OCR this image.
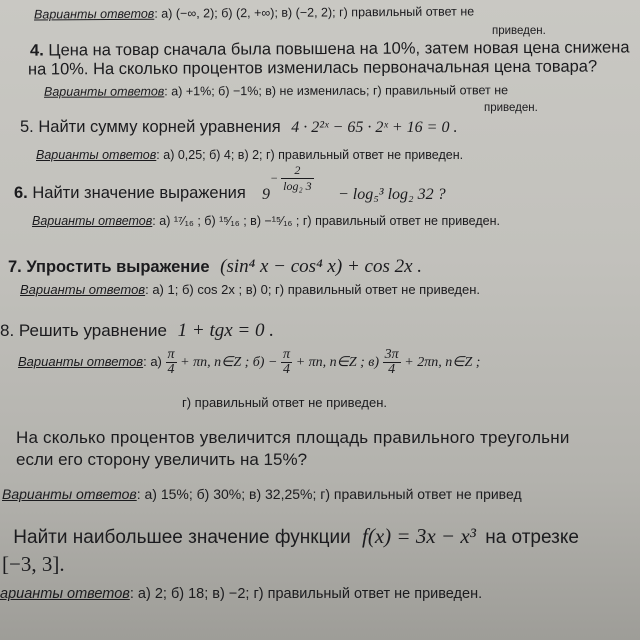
Варианты ответов: а) (−∞, 2); б) (2, +∞); в) (−2, 2); г) правильный ответ не
приведен.
4. Цена на товар сначала была повышена на 10%, затем новая цена снижена
на 10%. На сколько процентов изменилась первоначальная цена товара?
Варианты ответов: а) +1%; б) −1%; в) не изменилась; г) правильный ответ не
приведен.
5. Найти сумму корней уравнения 4 · 2²ˣ − 65 · 2ˣ + 16 = 0 .
Варианты ответов: а) 0,25; б) 4; в) 2; г) правильный ответ не приведен.
6. Найти значение выражения 9
− $\frac{2}{\text{log₂ 3}}$
− log₅³ log₂ 32 ?
Варианты ответов: а) ¹⁷⁄₁₆ ; б) ¹⁵⁄₁₆ ; в) −¹⁵⁄₁₆ ; г) правильный ответ не приведен.
7. Упростить выражение (sin⁴ x − cos⁴ x) + cos 2x .
Варианты ответов: а) 1; б) cos 2x ; в) 0; г) правильный ответ не приведен.
8. Решить уравнение 1 + tgx = 0 .
Варианты ответов: $а) \frac{\pi}{4} + \pi n$, n∈Z ; $б) - \frac{\pi}{4} + \pi n$, n∈Z ; $в) \frac{3\pi}{4} + 2\pi n$, n∈Z ;
г) правильный ответ не приведен.
На сколько процентов увеличится площадь правильного треугольни
если его сторону увеличить на 15%?
Варианты ответов: а) 15%; б) 30%; в) 32,25%; г) правильный ответ не привед
Найти наибольшее значение функции f(x) = 3x − x³ на отрезке
[−3, 3].
арианты ответов: а) 2; б) 18; в) −2; г) правильный ответ не приведен.
